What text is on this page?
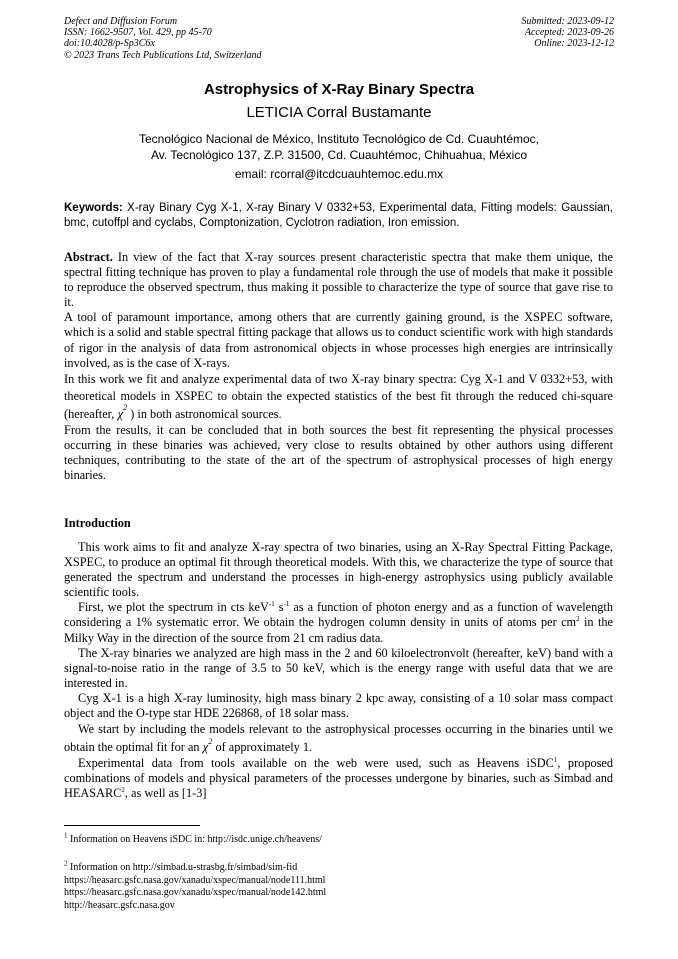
Defect and Diffusion Forum
ISSN: 1662-9507, Vol. 429, pp 45-70
doi:10.4028/p-Sp3C6x
© 2023 Trans Tech Publications Ltd, Switzerland
Submitted: 2023-09-12
Accepted: 2023-09-26
Online: 2023-12-12
Astrophysics of X-Ray Binary Spectra
LETICIA Corral Bustamante
Tecnológico Nacional de México, Instituto Tecnológico de Cd. Cuauhtémoc,
Av. Tecnológico 137, Z.P. 31500, Cd. Cuauhtémoc, Chihuahua, México
email: rcorral@itcdcuauhtemoc.edu.mx
Keywords: X-ray Binary Cyg X-1, X-ray Binary V 0332+53, Experimental data, Fitting models: Gaussian, bmc, cutoffpl and cyclabs, Comptonization, Cyclotron radiation, Iron emission.

Abstract. In view of the fact that X-ray sources present characteristic spectra that make them unique, the spectral fitting technique has proven to play a fundamental role through the use of models that make it possible to reproduce the observed spectrum, thus making it possible to characterize the type of source that gave rise to it.

A tool of paramount importance, among others that are currently gaining ground, is the XSPEC software, which is a solid and stable spectral fitting package that allows us to conduct scientific work with high standards of rigor in the analysis of data from astronomical objects in whose processes high energies are intrinsically involved, as is the case of X-rays.

In this work we fit and analyze experimental data of two X-ray binary spectra: Cyg X-1 and V 0332+53, with theoretical models in XSPEC to obtain the expected statistics of the best fit through the reduced chi-square (hereafter, $\chi^2$ ) in both astronomical sources.

From the results, it can be concluded that in both sources the best fit representing the physical processes occurring in these binaries was achieved, very close to results obtained by other authors using different techniques, contributing to the state of the art of the spectrum of astrophysical processes of high energy binaries.

Introduction

This work aims to fit and analyze X-ray spectra of two binaries, using an X-Ray Spectral Fitting Package, XSPEC, to produce an optimal fit through theoretical models. With this, we characterize the type of source that generated the spectrum and understand the processes in high-energy astrophysics using publicly available scientific tools.

First, we plot the spectrum in cts keV$^{-1}$ $s^{-1}$ as a function of photon energy and as a function of wavelength considering a 1% systematic error. We obtain the hydrogen column density in units of atoms per $cm^2$ in the Milky Way in the direction of the source from 21 cm radius data.

The X-ray binaries we analyzed are high mass in the 2 and 60 kiloelectronvolt (hereafter, keV) band with a signal-to-noise ratio in the range of 3.5 to 50 keV, which is the energy range with useful data that we are interested in.

Cyg X-1 is a high X-ray luminosity, high mass binary 2 kpc away, consisting of a 10 solar mass compact object and the O-type star HDE 226868, of 18 solar mass.

We start by including the models relevant to the astrophysical processes occurring in the binaries until we obtain the optimal fit for an $\chi^2$ of approximately 1.

Experimental data from tools available on the web were used, such as Heavens iSDC$^1$, proposed combinations of models and physical parameters of the processes undergone by binaries, such as Simbad and HEASARC$^2$, as well as [1-3]

$^1$ Information on Heavens iSDC in: http://isdc.unige.ch/heavens/
$^2$ Information on http://simbad.u-strasbg.fr/simbad/sim-fid
https://heasarc.gsfc.nasa.gov/xanadu/xspec/manual/node111.html
https://heasarc.gsfc.nasa.gov/xanadu/xspec/manual/node142.html
http://heasarc.gsfc.nasa.gov
